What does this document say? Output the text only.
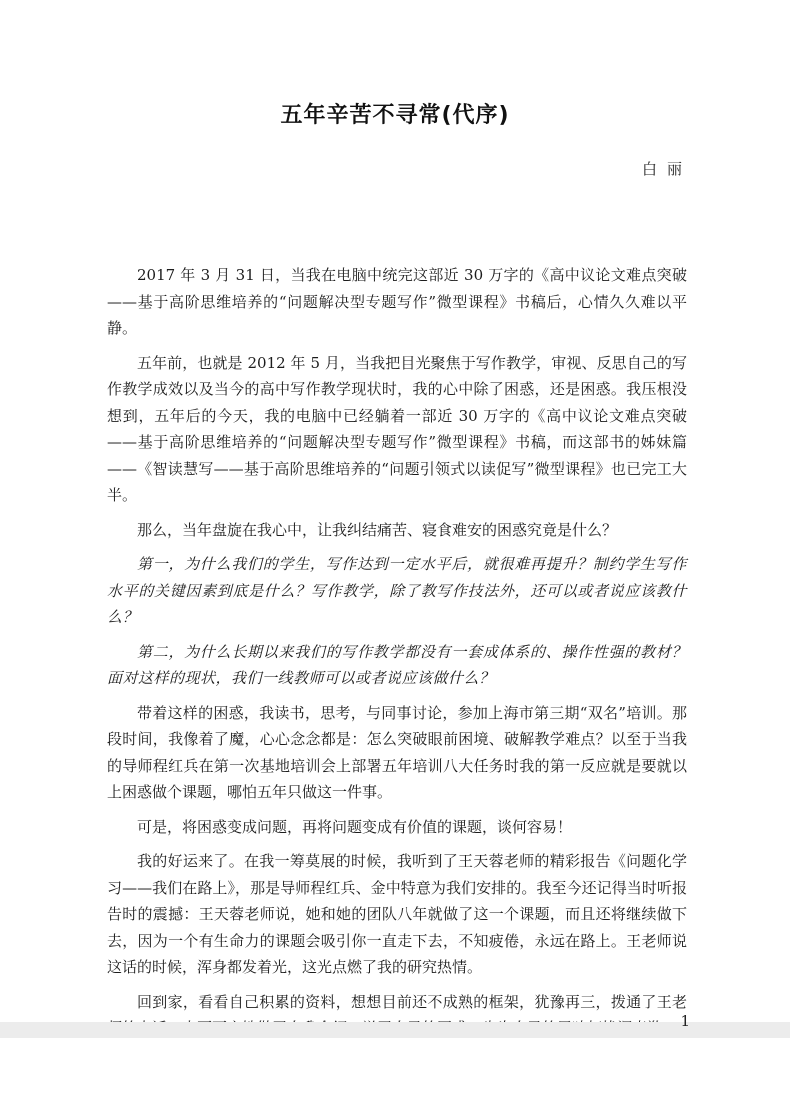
五年辛苦不寻常(代序)
白丽

2017 年 3 月 31 日，当我在电脑中统完这部近 30 万字的《高中议论文难点突破——基于高阶思维培养的“问题解决型专题写作”微型课程》书稿后，心情久久难以平静。

五年前，也就是 2012 年 5 月，当我把目光聚焦于写作教学，审视、反思自己的写作教学成效以及当今的高中写作教学现状时，我的心中除了困惑，还是困惑。我压根没想到，五年后的今天，我的电脑中已经躺着一部近 30 万字的《高中议论文难点突破——基于高阶思维培养的“问题解决型专题写作”微型课程》书稿，而这部书的姊妹篇——《智读慧写——基于高阶思维培养的“问题引领式以读促写”微型课程》也已完工大半。

那么，当年盘旋在我心中，让我纠结痛苦、寝食难安的困惑究竟是什么？

第一，为什么我们的学生，写作达到一定水平后，就很难再提升？制约学生写作水平的关键因素到底是什么？写作教学，除了教写作技法外，还可以或者说应该教什么？

第二，为什么长期以来我们的写作教学都没有一套成体系的、操作性强的教材？面对这样的现状，我们一线教师可以或者说应该做什么？

带着这样的困惑，我读书，思考，与同事讨论，参加上海市第三期“双名”培训。那段时间，我像着了魔，心心念念都是：怎么突破眼前困境、破解教学难点？以至于当我的导师程红兵在第一次基地培训会上部署五年培训八大任务时我的第一反应就是要就以上困惑做个课题，哪怕五年只做这一件事。

可是，将困惑变成问题，再将问题变成有价值的课题，谈何容易！

我的好运来了。在我一筹莫展的时候，我听到了王天蓉老师的精彩报告《问题化学习——我们在路上》，那是导师程红兵、金中特意为我们安排的。我至今还记得当时听报告时的震撼：王天蓉老师说，她和她的团队八年就做了这一个课题，而且还将继续做下去，因为一个有生命力的课题会吸引你一直走下去，不知疲倦，永远在路上。王老师说这话的时候，浑身都发着光，这光点燃了我的研究热情。

回到家，看看自己积累的资料，想想目前还不成熟的框架，犹豫再三，拨通了王老

1
